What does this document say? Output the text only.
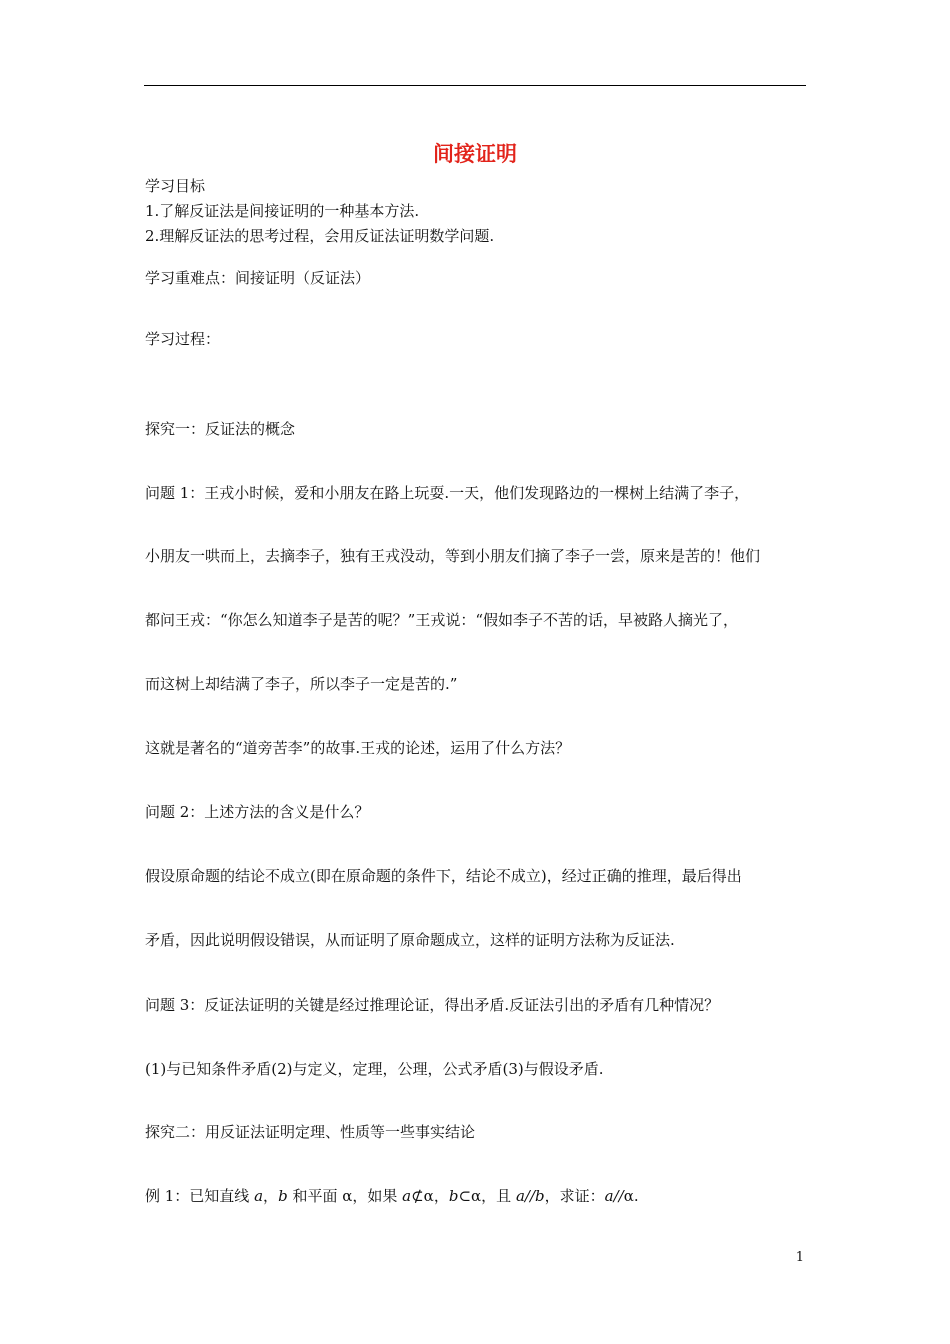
间接证明
学习目标
1.了解反证法是间接证明的一种基本方法.
2.理解反证法的思考过程，会用反证法证明数学问题.
学习重难点：间接证明（反证法）
学习过程：
探究一：反证法的概念
问题 1：王戎小时候，爱和小朋友在路上玩耍.一天，他们发现路边的一棵树上结满了李子，
小朋友一哄而上，去摘李子，独有王戎没动，等到小朋友们摘了李子一尝，原来是苦的！他们
都问王戎：“你怎么知道李子是苦的呢？”王戎说：“假如李子不苦的话，早被路人摘光了，
而这树上却结满了李子，所以李子一定是苦的.”
这就是著名的“道旁苦李”的故事.王戎的论述，运用了什么方法？
问题 2：上述方法的含义是什么？
假设原命题的结论不成立(即在原命题的条件下，结论不成立)，经过正确的推理，最后得出
矛盾，因此说明假设错误，从而证明了原命题成立，这样的证明方法称为反证法.
问题 3：反证法证明的关键是经过推理论证，得出矛盾.反证法引出的矛盾有几种情况？
(1)与已知条件矛盾(2)与定义，定理，公理，公式矛盾(3)与假设矛盾.
探究二：用反证法证明定理、性质等一些事实结论
例 1：已知直线 a，b 和平面 α，如果 a⊄α，b⊂α，且 a//b，求证：a//α.
1
